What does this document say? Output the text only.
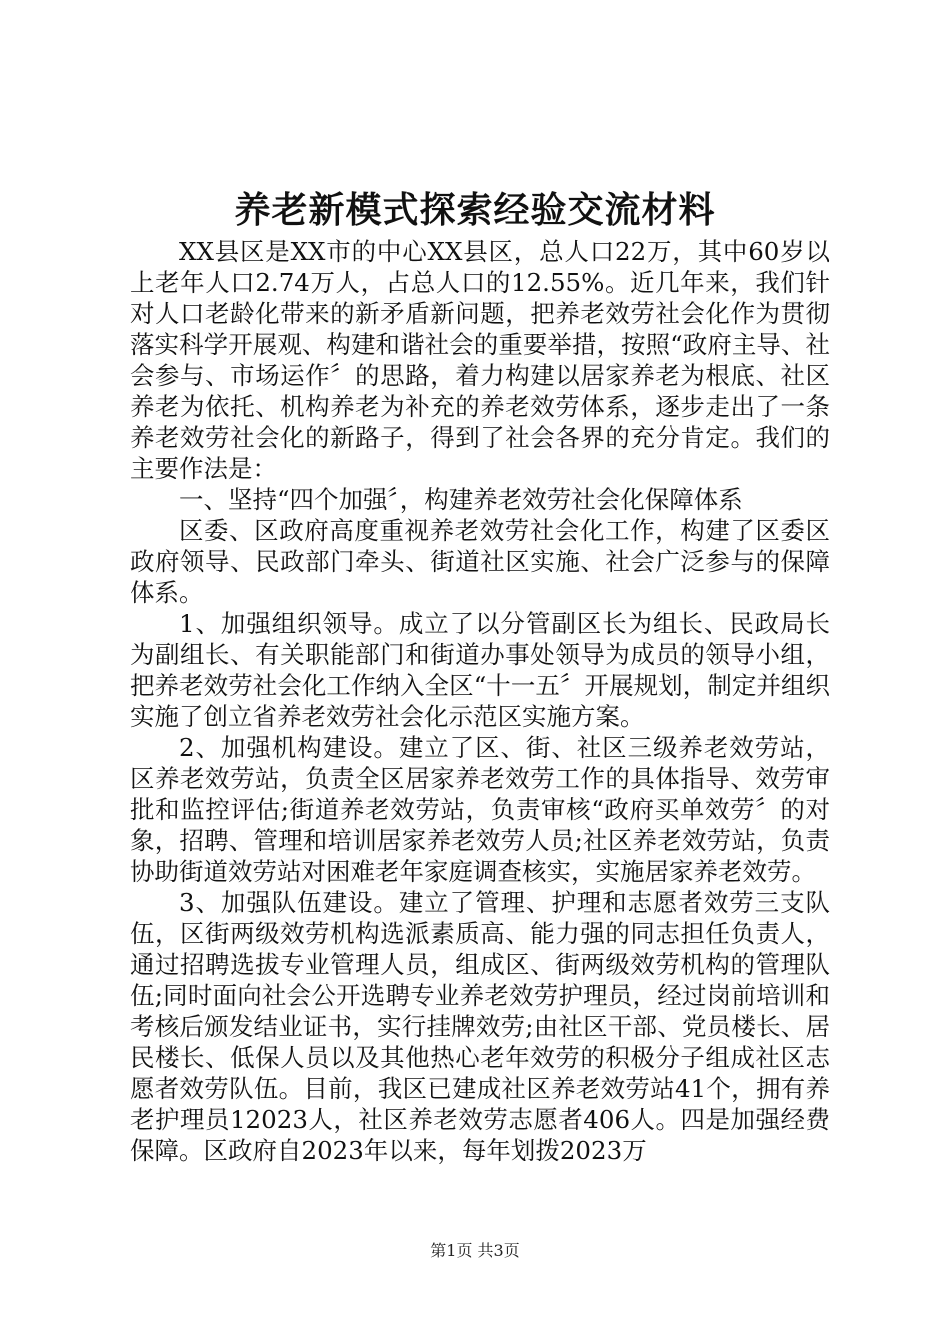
养老新模式探索经验交流材料

XX县区是XX市的中心XX县区，总人口22万，其中60岁以上老年人口2.74万人，占总人口的12.55%。近几年来，我们针对人口老龄化带来的新矛盾新问题，把养老效劳社会化作为贯彻落实科学开展观、构建和谐社会的重要举措，按照“政府主导、社会参与、市场运作〞的思路，着力构建以居家养老为根底、社区养老为依托、机构养老为补充的养老效劳体系，逐步走出了一条养老效劳社会化的新路子，得到了社会各界的充分肯定。我们的主要作法是：

一、坚持“四个加强〞，构建养老效劳社会化保障体系

区委、区政府高度重视养老效劳社会化工作，构建了区委区政府领导、民政部门牵头、街道社区实施、社会广泛参与的保障体系。

1、加强组织领导。成立了以分管副区长为组长、民政局长为副组长、有关职能部门和街道办事处领导为成员的领导小组，把养老效劳社会化工作纳入全区“十一五〞开展规划，制定并组织实施了创立省养老效劳社会化示范区实施方案。

2、加强机构建设。建立了区、街、社区三级养老效劳站，区养老效劳站，负责全区居家养老效劳工作的具体指导、效劳审批和监控评估;街道养老效劳站，负责审核“政府买单效劳〞的对象，招聘、管理和培训居家养老效劳人员;社区养老效劳站，负责协助街道效劳站对困难老年家庭调查核实，实施居家养老效劳。

3、加强队伍建设。建立了管理、护理和志愿者效劳三支队伍，区街两级效劳机构选派素质高、能力强的同志担任负责人，通过招聘选拔专业管理人员，组成区、街两级效劳机构的管理队伍;同时面向社会公开选聘专业养老效劳护理员，经过岗前培训和考核后颁发结业证书，实行挂牌效劳;由社区干部、党员楼长、居民楼长、低保人员以及其他热心老年效劳的积极分子组成社区志愿者效劳队伍。目前，我区已建成社区养老效劳站41个，拥有养老护理员12023人，社区养老效劳志愿者406人。四是加强经费保障。区政府自2023年以来，每年划拨2023万

第1页 共3页
